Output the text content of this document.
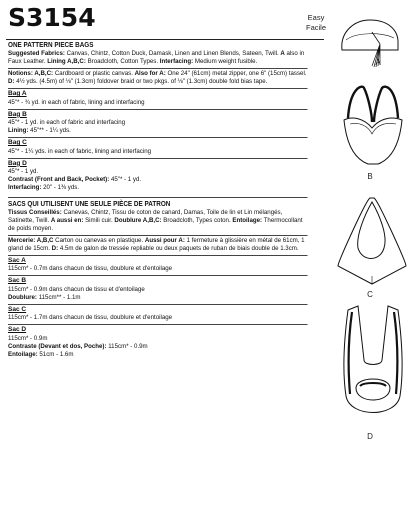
S3154	Easy
Facile
ONE PATTERN PIECE BAGS
Suggested Fabrics: Canvas, Chintz, Cotton Duck, Damask, Linen and Linen Blends, Sateen, Twill. A also in Faux Leather. Lining A,B,C: Broadcloth, Cotton Types. Interfacing: Medium weight fusible.
Notions: A,B,C: Cardboard or plastic canvas. Also for A: One 24" (61cm) metal zipper, one 6" (15cm) tassel. D: 4½ yds. (4.5m) of ⅛" (1.3cm) foldover braid or two pkgs. of ⅛" (1.3cm) double fold bias tape.
Bag A
45"* - ¾ yd. in each of fabric, lining and interfacing
Bag B
45"* - 1 yd. in each of fabric and interfacing
Lining: 45"** - 1¼ yds.
Bag C
45"* - 1¼ yds. in each of fabric, lining and interfacing
Bag D
45"* - 1 yd.
Contrast (Front and Back, Pocket): 45"* - 1 yd.
Interfacing: 20" - 1⅜ yds.
SACS QUI UTILISENT UNE SEULE PIÈCE DE PATRON
Tissus Conseillés: Canevas, Chintz, Tissu de coton de canard, Damas, Toile de lin et Lin mélangés, Satinette, Twill. A aussi en: Simili cuir. Doublure A,B,C: Broadcloth, Types coton. Entoilage: Thermocollant de poids moyen.
Mercerie: A,B,C Carton ou canevas en plastique. Aussi pour A: 1 fermeture à glissière en métal de 61cm, 1 gland de 15cm. D: 4.5m de galon de tressée repliable ou deux paquets de ruban de biais double de 1.3cm.
Sac A
115cm* - 0.7m dans chacun de tissu, doublure et d'entoilage
Sac B
115cm* - 0.9m dans chacun de tissu et d'entoilage
Doublure: 115cm** - 1.1m
Sac C
115cm* - 1.7m dans chacun de tissu, doublure et d'entoilage
Sac D
115cm* - 0.9m
Contraste (Devant et dos, Poche): 115cm* - 0.9m
Entoilage: 51cm - 1.6m
A
B
C
D
